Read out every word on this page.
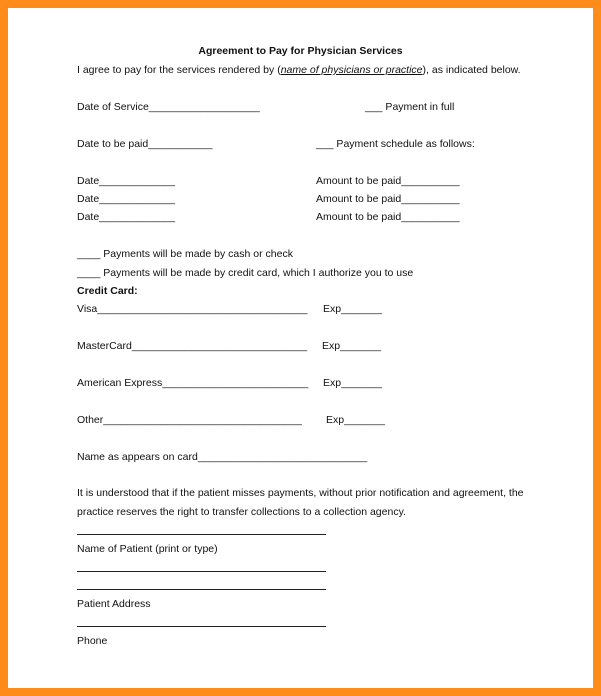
Agreement to Pay for Physician Services
I agree to pay for the services rendered by (name of physicians or practice), as indicated below.
Date of Service___________________	___ Payment in full
Date to be paid___________	___ Payment schedule as follows:
Date_____________	Amount to be paid__________
Date_____________	Amount to be paid__________
Date_____________	Amount to be paid__________
____ Payments will be made by cash or check
____ Payments will be made by credit card, which I authorize you to use
Credit Card:
Visa____________________________________ Exp_______
MasterCard______________________________ Exp_______
American Express_________________________ Exp_______
Other__________________________________ Exp_______
Name as appears on card_____________________________
It is understood that if the patient misses payments, without prior notification and agreement, the
practice reserves the right to transfer collections to a collection agency.
Name of Patient (print or type)
Patient Address
Phone
